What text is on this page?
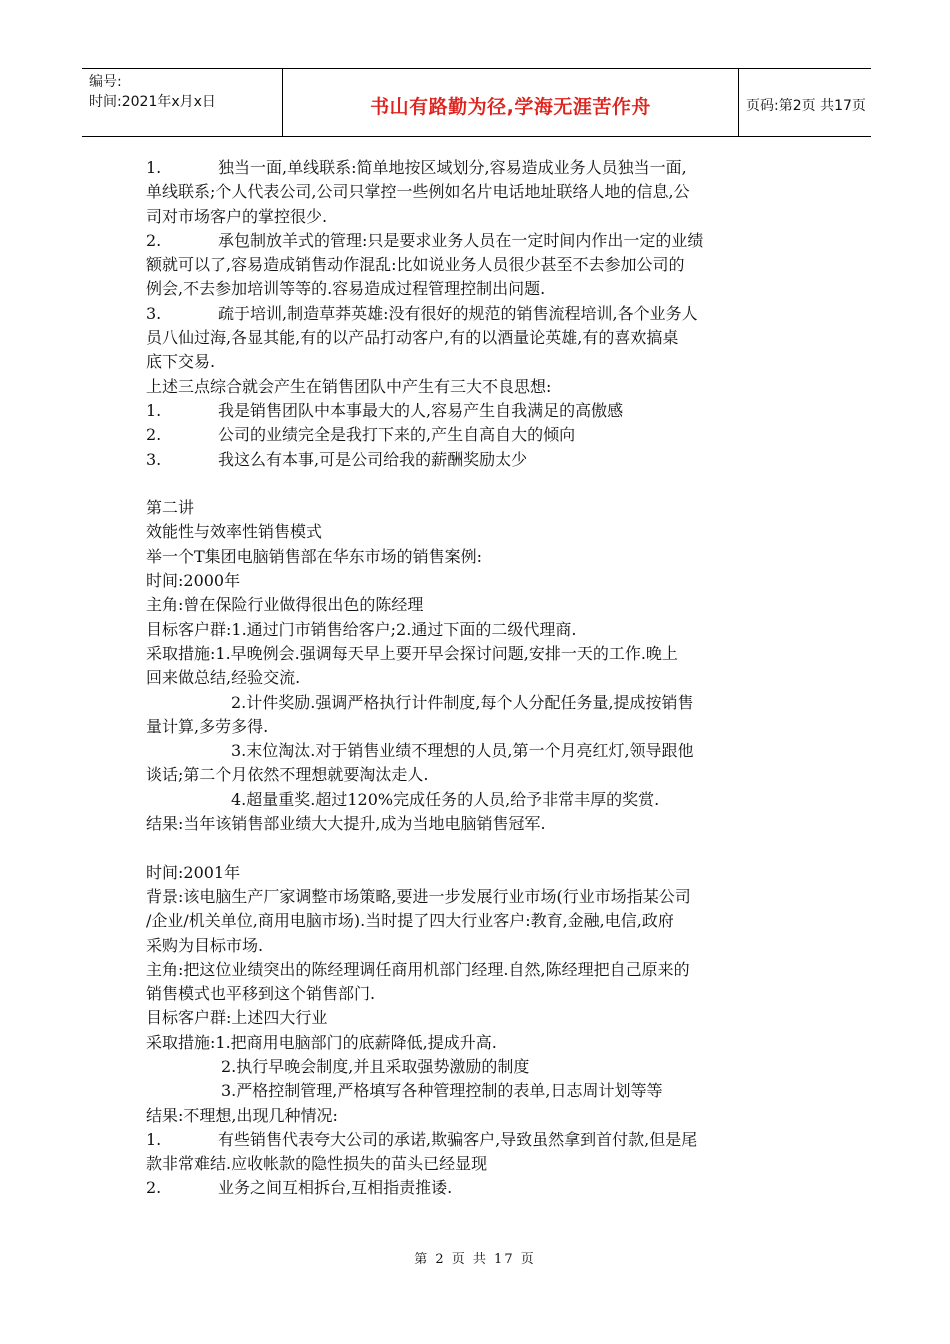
编号:
时间:2021年x月x日	书山有路勤为径,学海无涯苦作舟	页码:第2页 共17页
1.	独当一面,单线联系:简单地按区域划分,容易造成业务人员独当一面,
单线联系;个人代表公司,公司只掌控一些例如名片电话地址联络人地的信息,公
司对市场客户的掌控很少.
2.	承包制放羊式的管理:只是要求业务人员在一定时间内作出一定的业绩
额就可以了,容易造成销售动作混乱:比如说业务人员很少甚至不去参加公司的
例会,不去参加培训等等的.容易造成过程管理控制出问题.
3.	疏于培训,制造草莽英雄:没有很好的规范的销售流程培训,各个业务人
员八仙过海,各显其能,有的以产品打动客户,有的以酒量论英雄,有的喜欢搞桌
底下交易.
上述三点综合就会产生在销售团队中产生有三大不良思想:
1.	我是销售团队中本事最大的人,容易产生自我满足的高傲感
2.	公司的业绩完全是我打下来的,产生自高自大的倾向
3.	我这么有本事,可是公司给我的薪酬奖励太少
第二讲
效能性与效率性销售模式
举一个T集团电脑销售部在华东市场的销售案例:
时间:2000年
主角:曾在保险行业做得很出色的陈经理
目标客户群:1.通过门市销售给客户;2.通过下面的二级代理商.
采取措施:1.早晚例会.强调每天早上要开早会探讨问题,安排一天的工作.晚上
回来做总结,经验交流.
2.计件奖励.强调严格执行计件制度,每个人分配任务量,提成按销售
量计算,多劳多得.
3.末位淘汰.对于销售业绩不理想的人员,第一个月亮红灯,领导跟他
谈话;第二个月依然不理想就要淘汰走人.
4.超量重奖.超过120%完成任务的人员,给予非常丰厚的奖赏.
结果:当年该销售部业绩大大提升,成为当地电脑销售冠军.
时间:2001年
背景:该电脑生产厂家调整市场策略,要进一步发展行业市场(行业市场指某公司
/企业/机关单位,商用电脑市场).当时提了四大行业客户:教育,金融,电信,政府
采购为目标市场.
主角:把这位业绩突出的陈经理调任商用机部门经理.自然,陈经理把自己原来的
销售模式也平移到这个销售部门.
目标客户群:上述四大行业
采取措施:1.把商用电脑部门的底薪降低,提成升高.
2.执行早晚会制度,并且采取强势激励的制度
3.严格控制管理,严格填写各种管理控制的表单,日志周计划等等
结果:不理想,出现几种情况:
1.	有些销售代表夸大公司的承诺,欺骗客户,导致虽然拿到首付款,但是尾
款非常难结.应收帐款的隐性损失的苗头已经显现
2.	业务之间互相拆台,互相指责推诿.
第 2 页 共 17 页
